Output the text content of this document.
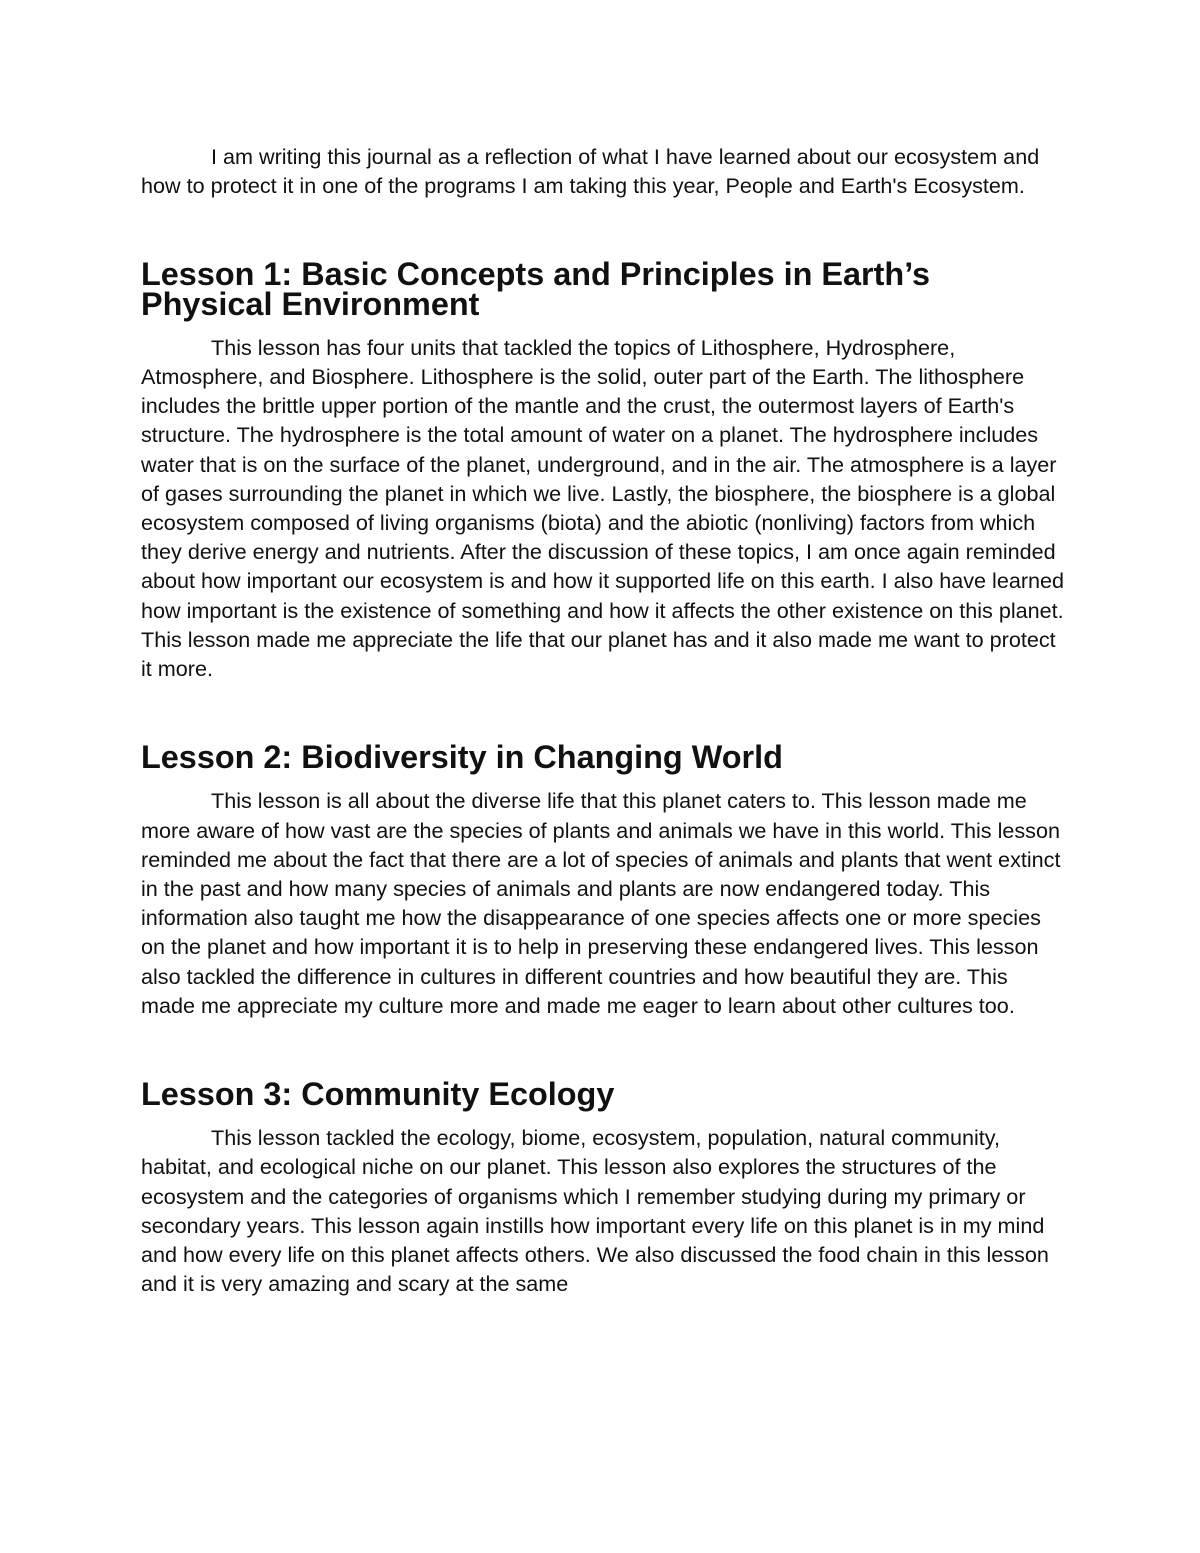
I am writing this journal as a reflection of what I have learned about our ecosystem and how to protect it in one of the programs I am taking this year, People and Earth's Ecosystem.

Lesson 1: Basic Concepts and Principles in Earth’s Physical Environment

This lesson has four units that tackled the topics of Lithosphere, Hydrosphere, Atmosphere, and Biosphere. Lithosphere is the solid, outer part of the Earth. The lithosphere includes the brittle upper portion of the mantle and the crust, the outermost layers of Earth's structure. The hydrosphere is the total amount of water on a planet. The hydrosphere includes water that is on the surface of the planet, underground, and in the air. The atmosphere is a layer of gases surrounding the planet in which we live. Lastly, the biosphere, the biosphere is a global ecosystem composed of living organisms (biota) and the abiotic (nonliving) factors from which they derive energy and nutrients. After the discussion of these topics, I am once again reminded about how important our ecosystem is and how it supported life on this earth. I also have learned how important is the existence of something and how it affects the other existence on this planet. This lesson made me appreciate the life that our planet has and it also made me want to protect it more.

Lesson 2: Biodiversity in Changing World

This lesson is all about the diverse life that this planet caters to. This lesson made me more aware of how vast are the species of plants and animals we have in this world. This lesson reminded me about the fact that there are a lot of species of animals and plants that went extinct in the past and how many species of animals and plants are now endangered today. This information also taught me how the disappearance of one species affects one or more species on the planet and how important it is to help in preserving these endangered lives. This lesson also tackled the difference in cultures in different countries and how beautiful they are. This made me appreciate my culture more and made me eager to learn about other cultures too.

Lesson 3: Community Ecology

This lesson tackled the ecology, biome, ecosystem, population, natural community, habitat, and ecological niche on our planet. This lesson also explores the structures of the ecosystem and the categories of organisms which I remember studying during my primary or secondary years. This lesson again instills how important every life on this planet is in my mind and how every life on this planet affects others. We also discussed the food chain in this lesson and it is very amazing and scary at the same
